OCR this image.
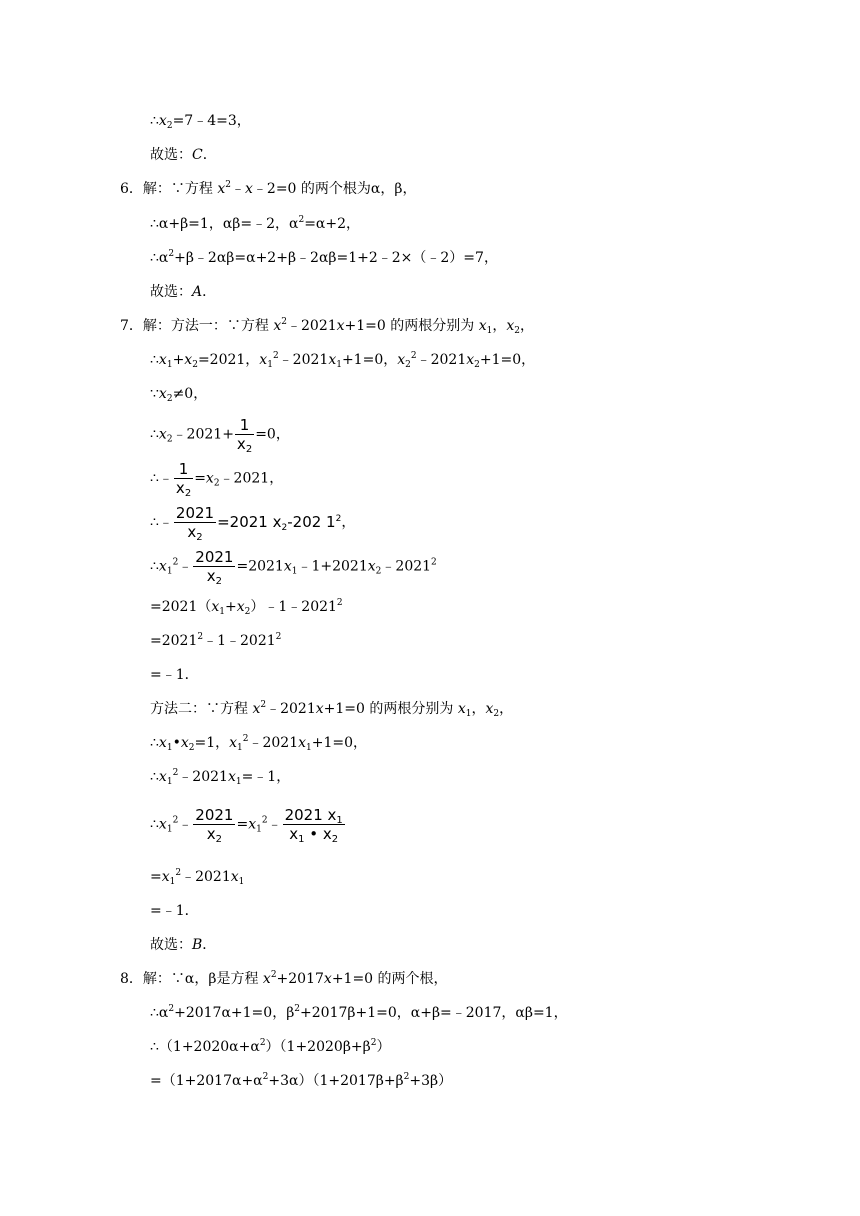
$\therefore x_2=7﹣4=3$，
故选：C．
6．解：∵方程 $x^2﹣x﹣2=0$ 的两个根为α，β，
∴α+β=1，αβ=﹣2，$\alpha^2=\alpha+2$，
$\therefore\alpha^2+\beta﹣2\alpha\beta=\alpha+2+\beta﹣2\alpha\beta=1+2﹣2\times(﹣2)=7$，
故选：A．
7．解：方法一：∵方程 $x^2﹣2021x+1=0$ 的两根分别为 $x_1$，$x_2$，
$\therefore x_1+x_2=2021$，$x_1^2﹣2021x_1+1=0$，$x_2^2﹣2021x_2+1=0$，
$\because x_2\ne 0$，
$\therefore x_2﹣2021+ \frac{1}{x_2} =0$，
∴﹣ $\frac{1}{x_2}$ $=x_2﹣2021$，
∴﹣ $\frac{2021}{x_2} =2021$ $x_2-202$ $1^2$，
$\therefore x_1^2﹣ \frac{2021}{x_2}$ $=2021x_1﹣1+2021x_2﹣2021^2$
$=2021(x_1+x_2)﹣1﹣2021^2$
$=2021^2﹣1﹣2021^2$
=﹣1．
方法二：∵方程 $x^2﹣2021x+1=0$ 的两根分别为 $x_1$，$x_2$，
$\therefore x_1•x_2=1$，$x_1^2﹣2021x_1+1=0$，
$\therefore x_1^2﹣2021x_1=﹣1$，
$\therefore x_1^2﹣ \frac{2021}{x_2}$ $=x_1^2﹣ \frac{2021 x_1}{x_1 • x_2}$
$=x_1^2﹣2021x_1$
=﹣1．
故选：B．
8．解：∵α，β是方程 $x^2+2017x+1=0$ 的两个根，
$\therefore\alpha^2+2017\alpha+1=0$，$\beta^2+2017\beta+1=0$，α+β=﹣2017，αβ=1，
$\therefore(1+2020\alpha+\alpha^2)(1+2020\beta+\beta^2)$
$=(1+2017\alpha+\alpha^2+3\alpha)(1+2017\beta+\beta^2+3\beta)$
